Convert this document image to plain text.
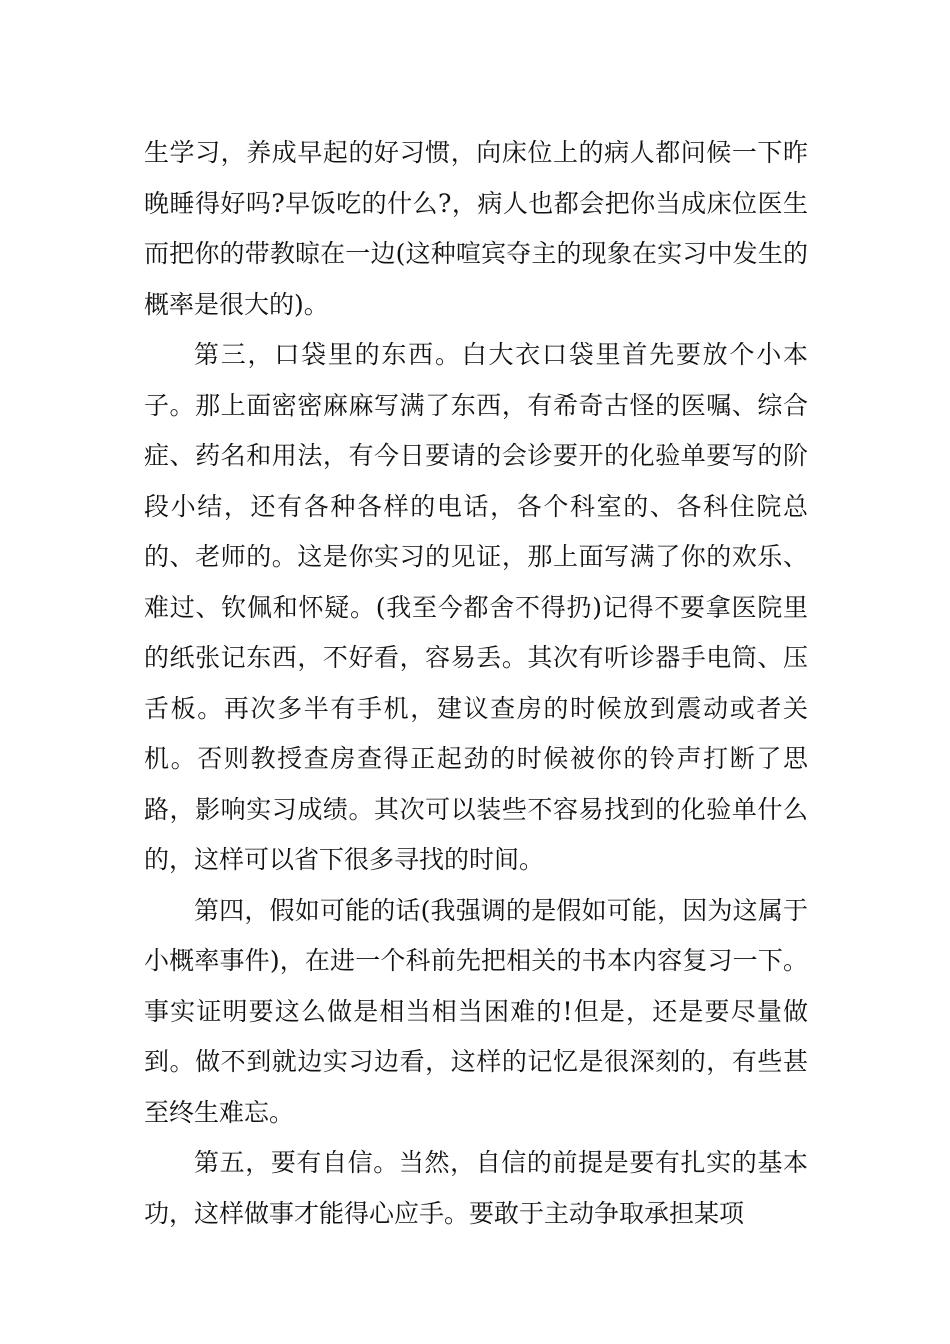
生学习，养成早起的好习惯，向床位上的病人都问候一下昨晚睡得好吗?早饭吃的什么?，病人也都会把你当成床位医生而把你的带教晾在一边(这种喧宾夺主的现象在实习中发生的概率是很大的)。

第三，口袋里的东西。白大衣口袋里首先要放个小本子。那上面密密麻麻写满了东西，有希奇古怪的医嘱、综合症、药名和用法，有今日要请的会诊要开的化验单要写的阶段小结，还有各种各样的电话，各个科室的、各科住院总的、老师的。这是你实习的见证，那上面写满了你的欢乐、难过、钦佩和怀疑。(我至今都舍不得扔)记得不要拿医院里的纸张记东西，不好看，容易丢。其次有听诊器手电筒、压舌板。再次多半有手机，建议查房的时候放到震动或者关机。否则教授查房查得正起劲的时候被你的铃声打断了思路，影响实习成绩。其次可以装些不容易找到的化验单什么的，这样可以省下很多寻找的时间。

第四，假如可能的话(我强调的是假如可能，因为这属于小概率事件)，在进一个科前先把相关的书本内容复习一下。事实证明要这么做是相当相当困难的!但是，还是要尽量做到。做不到就边实习边看，这样的记忆是很深刻的，有些甚至终生难忘。

第五，要有自信。当然，自信的前提是要有扎实的基本功，这样做事才能得心应手。要敢于主动争取承担某项
